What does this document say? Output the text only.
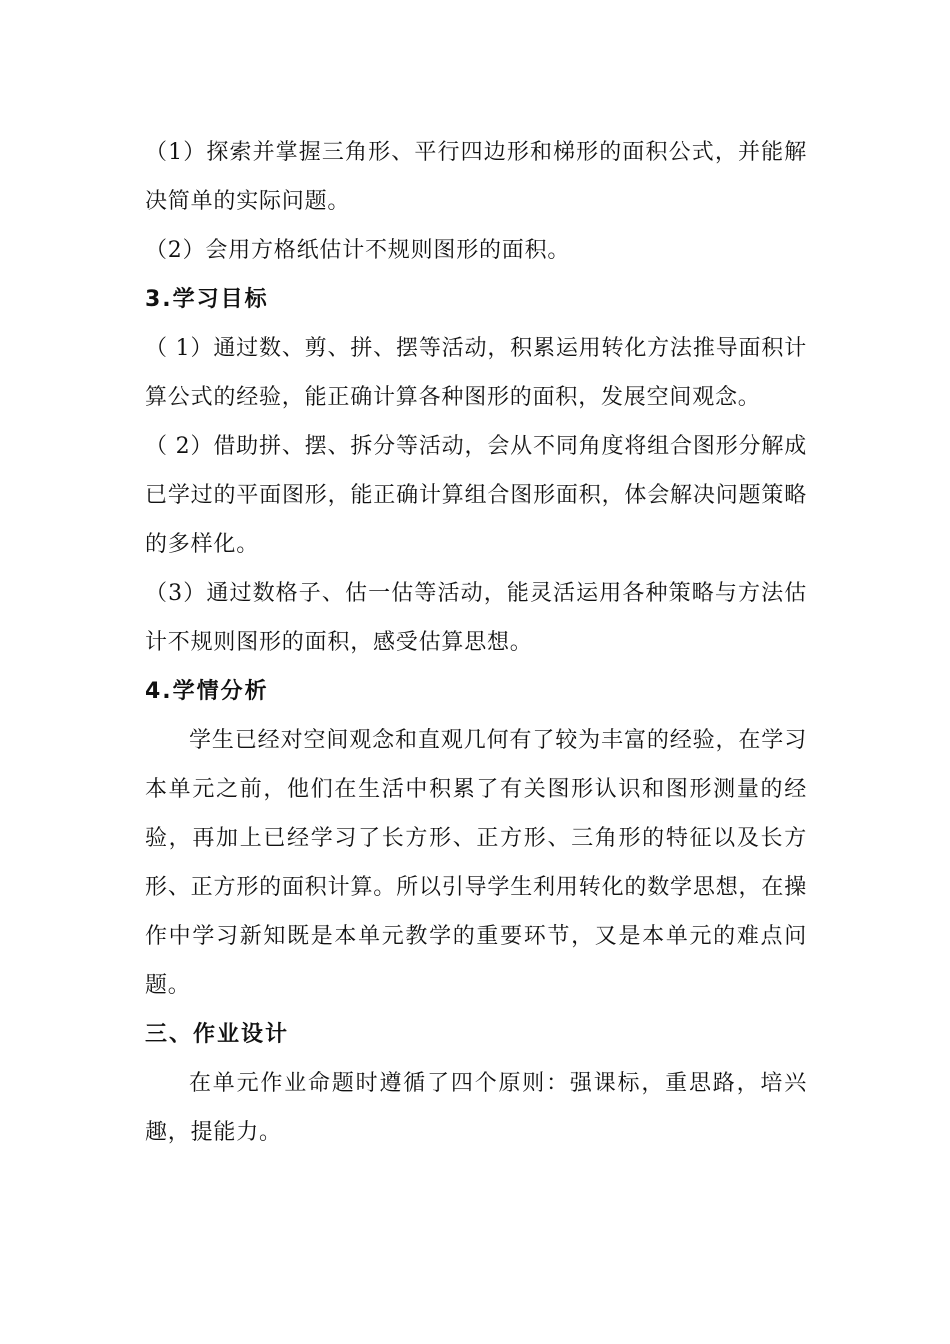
（1）探索并掌握三角形、平行四边形和梯形的面积公式，并能解决简单的实际问题。

（2）会用方格纸估计不规则图形的面积。

3.学习目标

（ 1）通过数、剪、拼、摆等活动，积累运用转化方法推导面积计算公式的经验，能正确计算各种图形的面积，发展空间观念。

（ 2）借助拼、摆、拆分等活动，会从不同角度将组合图形分解成已学过的平面图形，能正确计算组合图形面积，体会解决问题策略的多样化。

（3）通过数格子、估一估等活动，能灵活运用各种策略与方法估计不规则图形的面积，感受估算思想。

4.学情分析

学生已经对空间观念和直观几何有了较为丰富的经验，在学习本单元之前，他们在生活中积累了有关图形认识和图形测量的经验，再加上已经学习了长方形、正方形、三角形的特征以及长方形、正方形的面积计算。所以引导学生利用转化的数学思想，在操作中学习新知既是本单元教学的重要环节，又是本单元的难点问题。

三、作业设计

在单元作业命题时遵循了四个原则：强课标，重思路，培兴趣，提能力。
